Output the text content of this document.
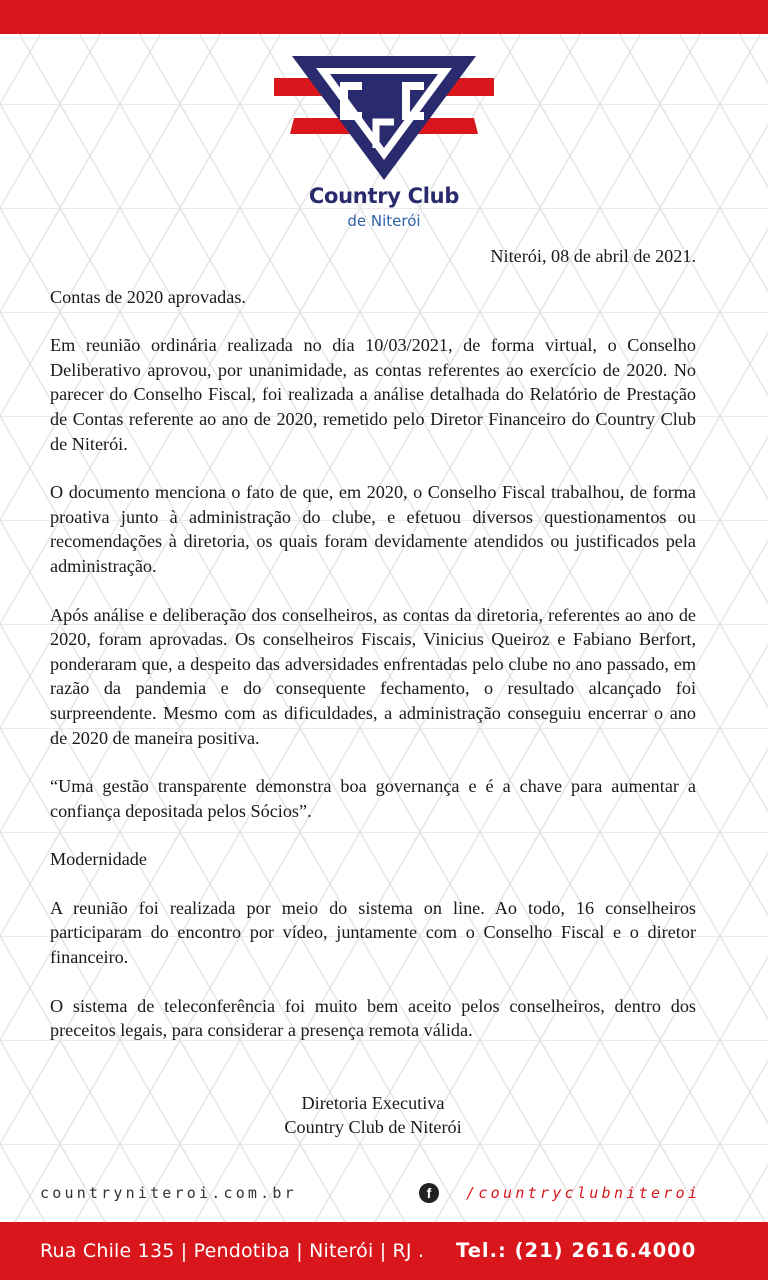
Country Club
de Niterói

Niterói, 08 de abril de 2021.

Contas de 2020 aprovadas.

Em reunião ordinária realizada no dia 10/03/2021, de forma virtual, o Conselho Deliberativo aprovou, por unanimidade, as contas referentes ao exercício de 2020. No parecer do Conselho Fiscal, foi realizada a análise detalhada do Relatório de Prestação de Contas referente ao ano de 2020, remetido pelo Diretor Financeiro do Country Club de Niterói.

O documento menciona o fato de que, em 2020, o Conselho Fiscal trabalhou, de forma proativa junto à administração do clube, e efetuou diversos questionamentos ou recomendações à diretoria, os quais foram devidamente atendidos ou justificados pela administração.

Após análise e deliberação dos conselheiros, as contas da diretoria, referentes ao ano de 2020, foram aprovadas. Os conselheiros Fiscais, Vinicius Queiroz e Fabiano Berfort, ponderaram que, a despeito das adversidades enfrentadas pelo clube no ano passado, em razão da pandemia e do consequente fechamento, o resultado alcançado foi surpreendente. Mesmo com as dificuldades, a administração conseguiu encerrar o ano de 2020 de maneira positiva.

“Uma gestão transparente demonstra boa governança e é a chave para aumentar a confiança depositada pelos Sócios”.

Modernidade

A reunião foi realizada por meio do sistema on line. Ao todo, 16 conselheiros participaram do encontro por vídeo, juntamente com o Conselho Fiscal e o diretor financeiro.

O sistema de teleconferência foi muito bem aceito pelos conselheiros, dentro dos preceitos legais, para considerar a presença remota válida.

Diretoria Executiva

Country Club de Niterói

countryniteroi.com.br	f	/countryclubniteroi
Rua Chile 135 | Pendotiba | Niterói | RJ . Tel.: (21) 2616.4000
